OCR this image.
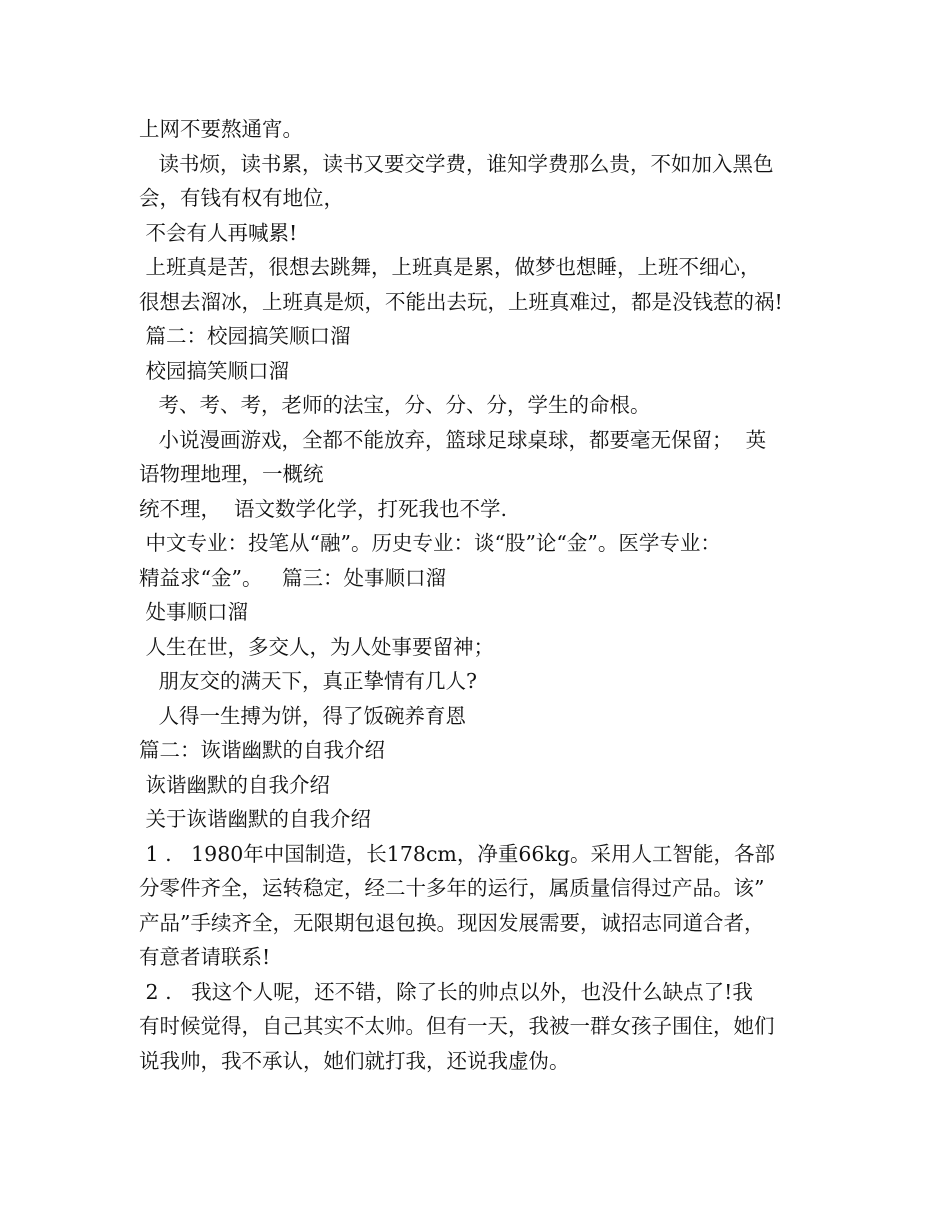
上网不要熬通宵。
读书烦，读书累，读书又要交学费，谁知学费那么贵，不如加入黑色
会，有钱有权有地位，
不会有人再喊累!
上班真是苦，很想去跳舞，上班真是累，做梦也想睡，上班不细心，
很想去溜冰，上班真是烦，不能出去玩，上班真难过，都是没钱惹的祸!
篇二：校园搞笑顺口溜
校园搞笑顺口溜
考、考、考，老师的法宝，分、分、分，学生的命根。
小说漫画游戏，全都不能放弃，篮球足球桌球，都要毫无保留；  英
语物理地理，一概统
统不理，  语文数学化学，打死我也不学.
中文专业：投笔从“融”。历史专业：谈“股”论“金”。医学专业：
精益求“金”。   篇三：处事顺口溜
处事顺口溜
人生在世，多交人，为人处事要留神；
朋友交的满天下，真正挚情有几人?
人得一生搏为饼，得了饭碗养育恩
篇二：诙谐幽默的自我介绍
诙谐幽默的自我介绍
关于诙谐幽默的自我介绍
1 .   1980年中国制造，长178cm，净重66kg。采用人工智能，各部
分零件齐全，运转稳定，经二十多年的运行，属质量信得过产品。该”
产品”手续齐全，无限期包退包换。现因发展需要，诚招志同道合者，
有意者请联系!
2 .   我这个人呢，还不错，除了长的帅点以外，也没什么缺点了!我
有时候觉得，自己其实不太帅。但有一天，我被一群女孩子围住，她们
说我帅，我不承认，她们就打我，还说我虚伪。
